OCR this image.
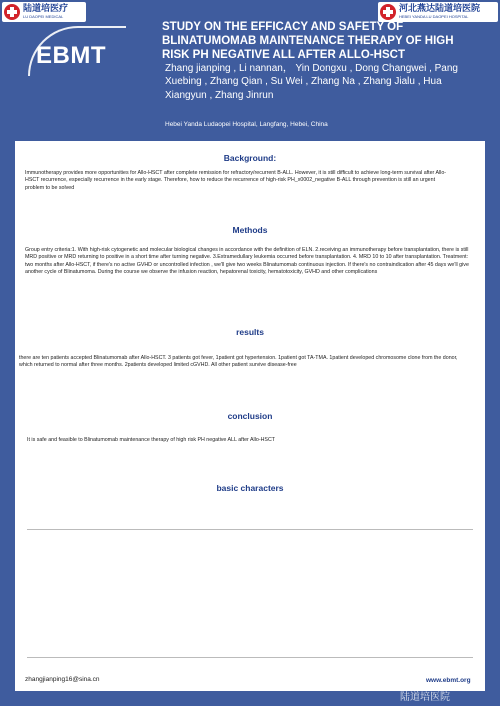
陆道培医疗
LU DAOPEI MEDICAL
河北燕达陆道培医院
HEBEI YANDA LU DAOPEI HOSPITAL
EBMT
STUDY ON THE EFFICACY AND SAFETY OF BLINATUMOMAB MAINTENANCE THERAPY OF HIGH RISK PH NEGATIVE ALL AFTER ALLO-HSCT
Zhang jianping , Li nannan， Yin Dongxu , Dong Changwei , Pang Xuebing , Zhang Qian , Su Wei , Zhang Na , Zhang Jialu , Hua Xiangyun , Zhang Jinrun
Hebei Yanda Ludaopei Hospital, Langfang, Hebei, China
Background:
Immunotherapy provides more opportunities for Allo-HSCT after complete remission for refractory/recurrent B-ALL. However, it is still difficult to achieve long-term survival after Allo-HSCT recurrence, especially recurrence in the early stage. Therefore, how to reduce the recurrence of high-risk PH_x0002_negative B-ALL through prevention is still an urgent problem to be solved
Methods
Group entry criteria:1. With high-risk cytogenetic and molecular biological changes in accordance with the definition of ELN. 2.receiving an immunotherapy before transplantation, there is still MRD positive or MRD returning to positive in a short time after turning negative. 3.Extramedullary leukemia occurred before transplantation. 4. MRD 10 to 10 after transplantation. Treatment: two months after Allo-HSCT, if there's no active GVHD or uncontrolled infection , we'll give two weeks Blinatumomab continuous injection. If there's no contraindication after 45 days we'll give another cycle of Blinatumoma. During the course we observe the infusion reaction, hepatorenal toxicity, hematotoxicity, GVHD and other complications
results
there are ten patients accepted Blinatumomab after Allo-HSCT. 3 patients got fever, 1patient got hypertension. 1patient got TA-TMA. 1patient developed chromosome clone from the donor, which returned to normal after three months. 2patients developed limited cGVHD. All other patient survive disease-free
conclusion
It is safe and feasible to Blinatumomab maintenance therapy of high risk PH negative ALL after Allo-HSCT
basic characters
zhangjianping16@sina.cn	www.ebmt.org
陆道培医院
